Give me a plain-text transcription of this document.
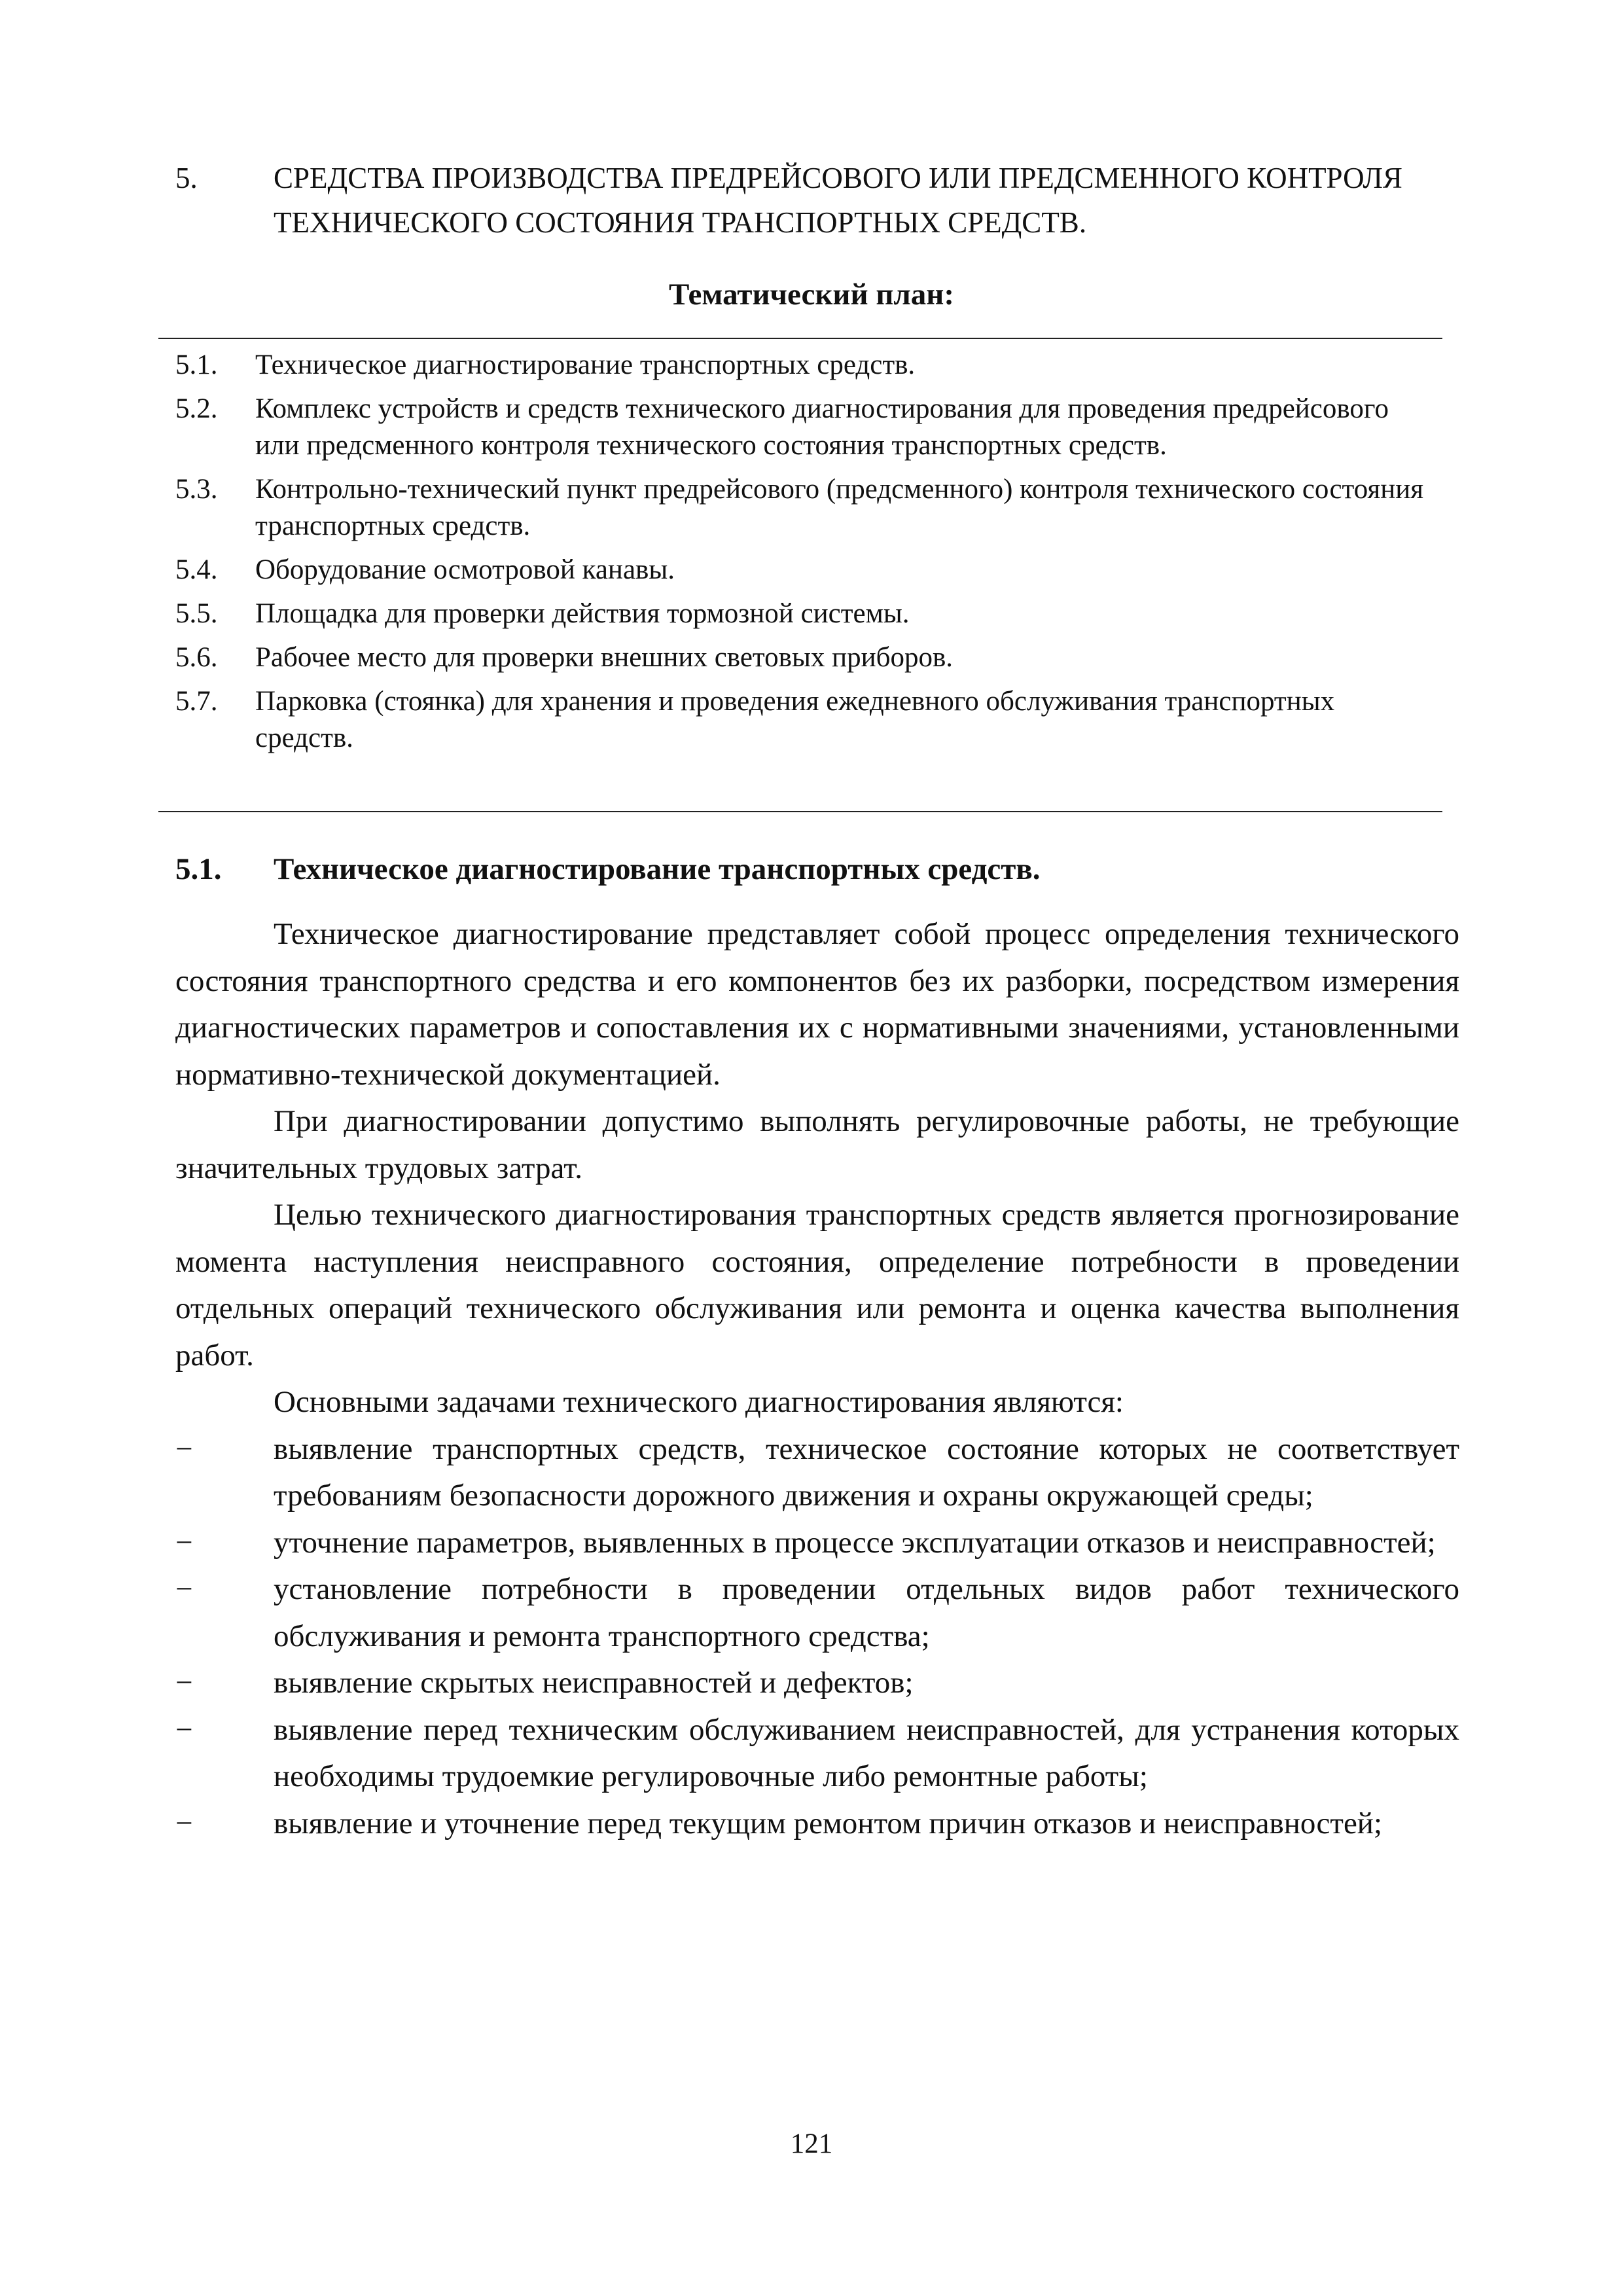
5.	СРЕДСТВА ПРОИЗВОДСТВА ПРЕДРЕЙСОВОГО ИЛИ ПРЕДСМЕННОГО КОНТРОЛЯ ТЕХНИЧЕСКОГО СОСТОЯНИЯ ТРАНСПОРТНЫХ СРЕДСТВ.
Тематический план:
5.1. Техническое диагностирование транспортных средств.
5.2. Комплекс устройств и средств технического диагностирования для проведения предрейсового или предсменного контроля технического состояния транспортных средств.
5.3. Контрольно-технический пункт предрейсового (предсменного) контроля технического состояния транспортных средств.
5.4. Оборудование осмотровой канавы.
5.5. Площадка для проверки действия тормозной системы.
5.6. Рабочее место для проверки внешних световых приборов.
5.7. Парковка (стоянка) для хранения и проведения ежедневного обслуживания транспортных средств.
5.1. Техническое диагностирование транспортных средств.

Техническое диагностирование представляет собой процесс определения технического состояния транспортного средства и его компонентов без их разборки, посредством измерения диагностических параметров и сопоставления их с нормативными значениями, установленными нормативно-технической документацией.

При диагностировании допустимо выполнять регулировочные работы, не требующие значительных трудовых затрат.

Целью технического диагностирования транспортных средств является прогнозирование момента наступления неисправного состояния, определение потребности в проведении отдельных операций технического обслуживания или ремонта и оценка качества выполнения работ.

Основными задачами технического диагностирования являются:

−	выявление транспортных средств, техническое состояние которых не соответствует требованиям безопасности дорожного движения и охраны окружающей среды;
−	уточнение параметров, выявленных в процессе эксплуатации отказов и неисправностей;
−	установление потребности в проведении отдельных видов работ технического обслуживания и ремонта транспортного средства;
−	выявление скрытых неисправностей и дефектов;
−	выявление перед техническим обслуживанием неисправностей, для устранения которых необходимы трудоемкие регулировочные либо ремонтные работы;
−	выявление и уточнение перед текущим ремонтом причин отказов и неисправностей;
121
